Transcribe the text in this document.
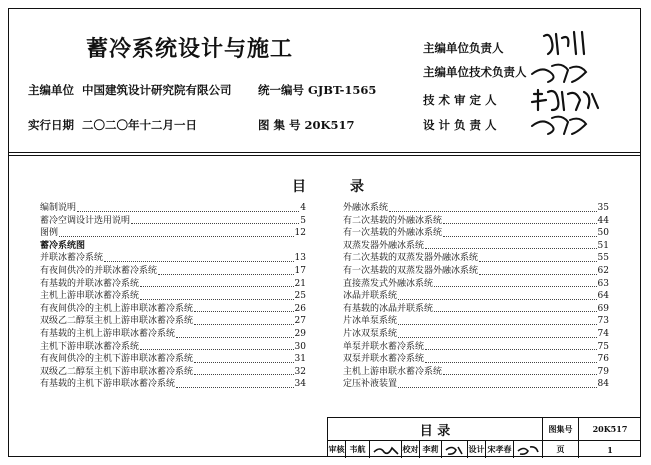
蓄冷系统设计与施工
主编单位 中国建筑设计研究院有限公司 统一编号 GJBT-1565
实行日期 二〇二〇年十二月一日	图 集 号 20K517
主编单位负责人
主编单位技术负责人
技 术 审 定 人
设 计 负 责 人
目	录
编制说明	4
蓄冷空调设计选用说明	5
图例	12
蓄冷系统图
并联冰蓄冷系统	13
有夜间供冷的并联冰蓄冷系统	17
有基载的并联冰蓄冷系统	21
主机上游串联冰蓄冷系统	25
有夜间供冷的主机上游串联冰蓄冷系统	26
双级乙二醇泵主机上游串联冰蓄冷系统	27
有基载的主机上游串联冰蓄冷系统	29
主机下游串联冰蓄冷系统	30
有夜间供冷的主机下游串联冰蓄冷系统	31
双级乙二醇泵主机下游串联冰蓄冷系统	32
有基载的主机下游串联冰蓄冷系统	34
外融冰系统	35
有二次基载的外融冰系统	44
有一次基载的外融冰系统	50
双蒸发器外融冰系统	51
有二次基载的双蒸发器外融冰系统	55
有一次基载的双蒸发器外融冰系统	62
直接蒸发式外融冰系统	63
冰晶并联系统	64
有基载的冰晶并联系统	69
片冰单泵系统	73
片冰双泵系统	74
单泵并联水蓄冷系统	75
双泵并联水蓄冷系统	76
主机上游串联水蓄冷系统	79
定压补液装置	84
目 录	图集号	20K517
审核 韦航	校对 李莉	设计 宋孝春	页	1
